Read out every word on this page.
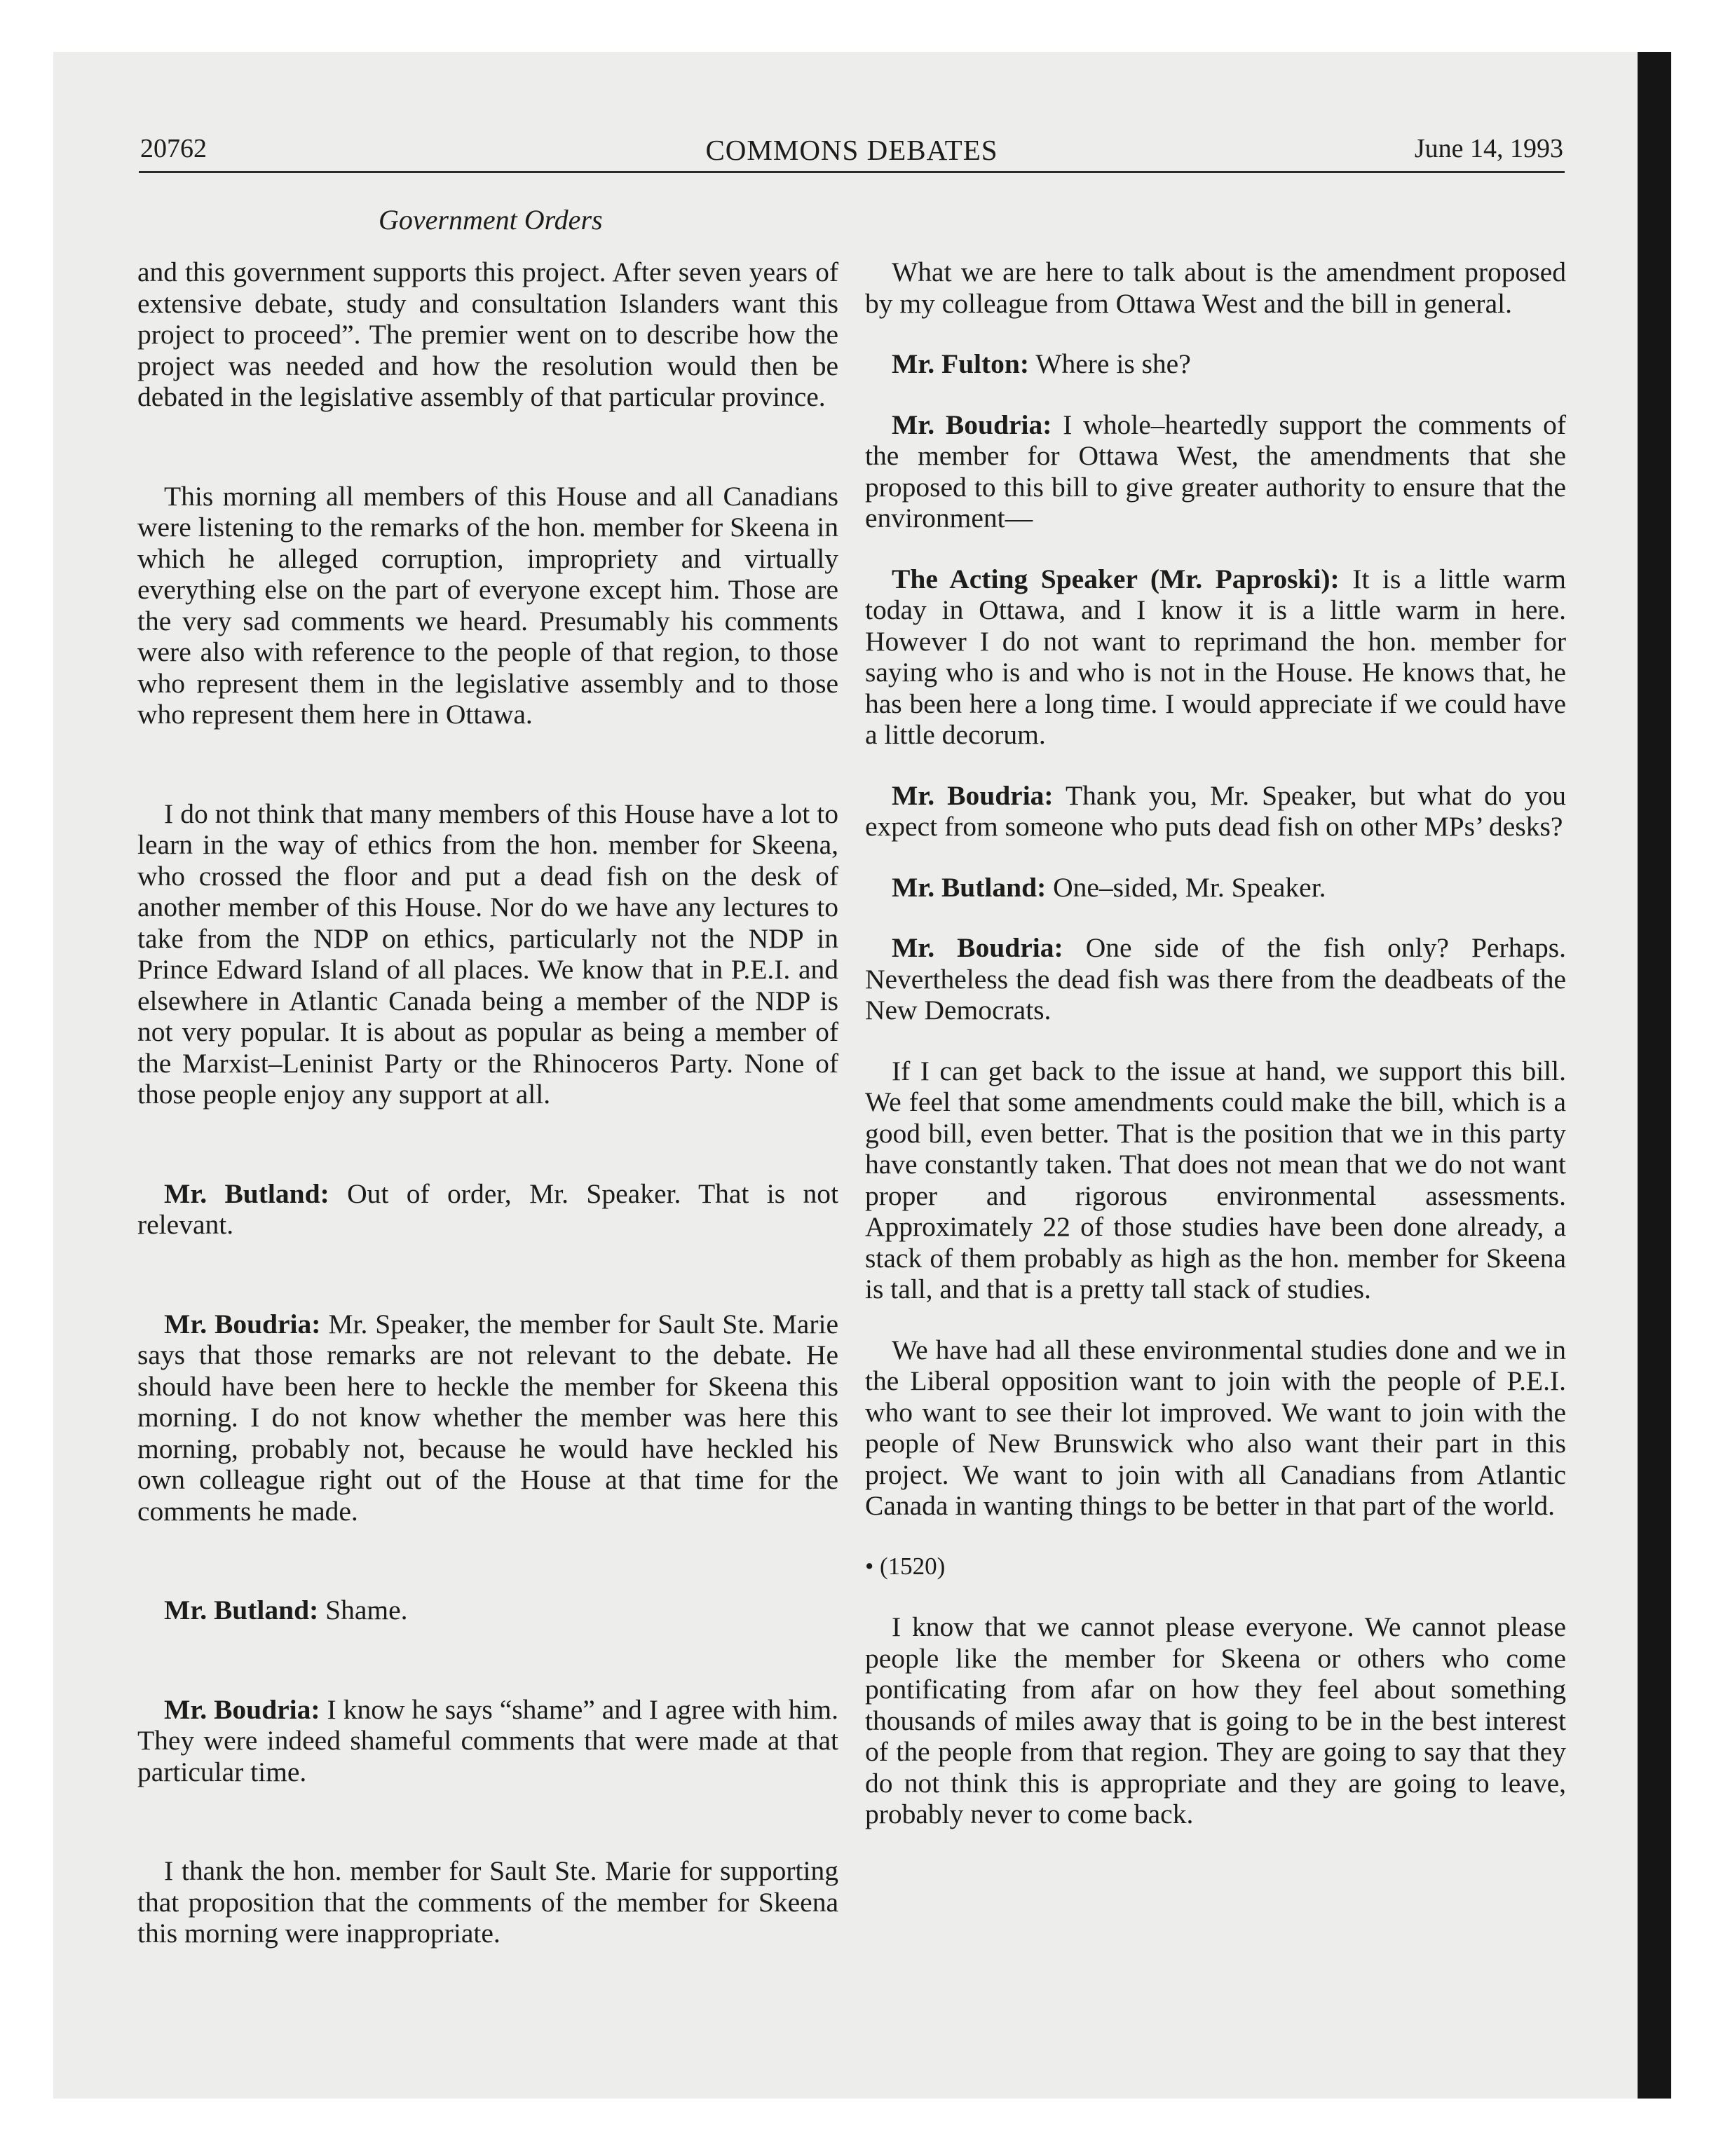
20762	COMMONS DEBATES	June 14, 1993
Government Orders

and this government supports this project. After seven years of extensive debate, study and consultation Islanders want this project to proceed”. The premier went on to describe how the project was needed and how the resolution would then be debated in the legislative assembly of that particular province.

This morning all members of this House and all Canadians were listening to the remarks of the hon. member for Skeena in which he alleged corruption, impropriety and virtually everything else on the part of everyone except him. Those are the very sad comments we heard. Presumably his comments were also with reference to the people of that region, to those who represent them in the legislative assembly and to those who represent them here in Ottawa.

I do not think that many members of this House have a lot to learn in the way of ethics from the hon. member for Skeena, who crossed the floor and put a dead fish on the desk of another member of this House. Nor do we have any lectures to take from the NDP on ethics, particularly not the NDP in Prince Edward Island of all places. We know that in P.E.I. and elsewhere in Atlantic Canada being a member of the NDP is not very popular. It is about as popular as being a member of the Marxist–Leninist Party or the Rhinoceros Party. None of those people enjoy any support at all.

Mr. Butland: Out of order, Mr. Speaker. That is not relevant.

Mr. Boudria: Mr. Speaker, the member for Sault Ste. Marie says that those remarks are not relevant to the debate. He should have been here to heckle the member for Skeena this morning. I do not know whether the member was here this morning, probably not, because he would have heckled his own colleague right out of the House at that time for the comments he made.

Mr. Butland: Shame.

Mr. Boudria: I know he says “shame” and I agree with him. They were indeed shameful comments that were made at that particular time.

I thank the hon. member for Sault Ste. Marie for supporting that proposition that the comments of the member for Skeena this morning were inappropriate.

What we are here to talk about is the amendment proposed by my colleague from Ottawa West and the bill in general.

Mr. Fulton: Where is she?

Mr. Boudria: I whole–heartedly support the comments of the member for Ottawa West, the amendments that she proposed to this bill to give greater authority to ensure that the environment—

The Acting Speaker (Mr. Paproski): It is a little warm today in Ottawa, and I know it is a little warm in here. However I do not want to reprimand the hon. member for saying who is and who is not in the House. He knows that, he has been here a long time. I would appreciate if we could have a little decorum.

Mr. Boudria: Thank you, Mr. Speaker, but what do you expect from someone who puts dead fish on other MPs’ desks?

Mr. Butland: One–sided, Mr. Speaker.

Mr. Boudria: One side of the fish only? Perhaps. Nevertheless the dead fish was there from the deadbeats of the New Democrats.

If I can get back to the issue at hand, we support this bill. We feel that some amendments could make the bill, which is a good bill, even better. That is the position that we in this party have constantly taken. That does not mean that we do not want proper and rigorous environmental assessments. Approximately 22 of those studies have been done already, a stack of them probably as high as the hon. member for Skeena is tall, and that is a pretty tall stack of studies.

We have had all these environmental studies done and we in the Liberal opposition want to join with the people of P.E.I. who want to see their lot improved. We want to join with the people of New Brunswick who also want their part in this project. We want to join with all Canadians from Atlantic Canada in wanting things to be better in that part of the world.

• (1520)

I know that we cannot please everyone. We cannot please people like the member for Skeena or others who come pontificating from afar on how they feel about something thousands of miles away that is going to be in the best interest of the people from that region. They are going to say that they do not think this is appropriate and they are going to leave, probably never to come back.
